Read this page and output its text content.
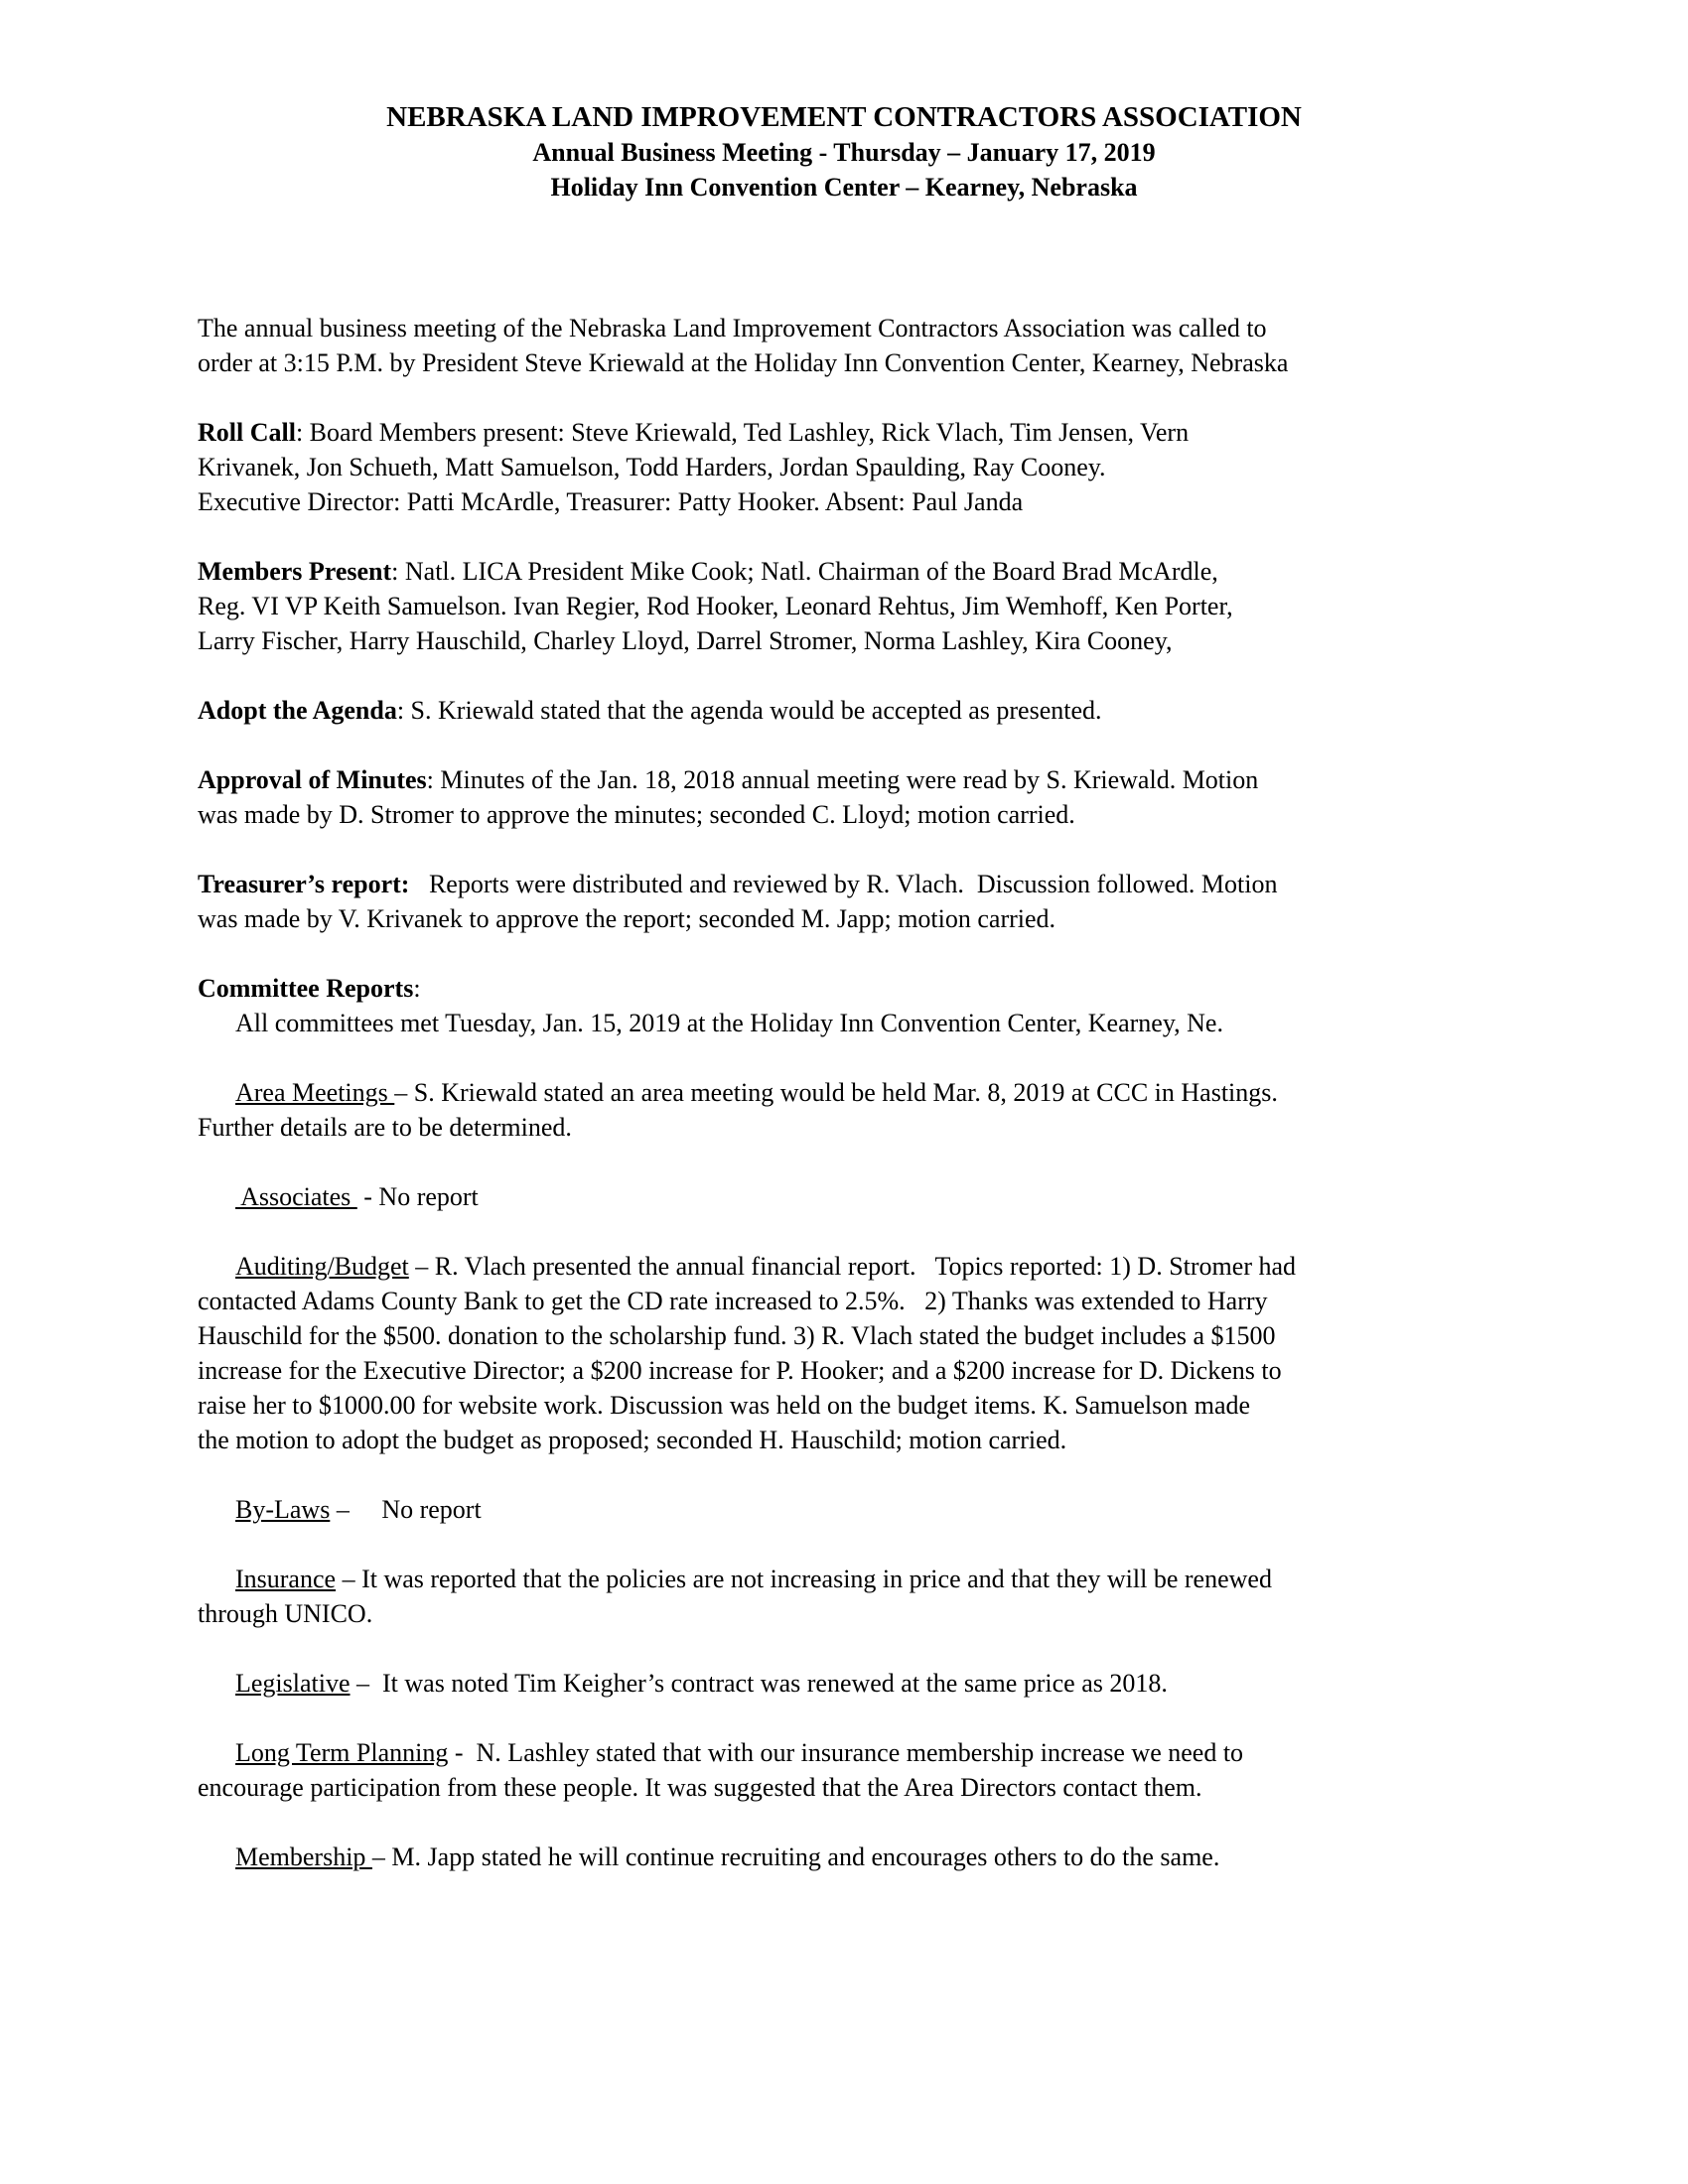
NEBRASKA LAND IMPROVEMENT CONTRACTORS ASSOCIATION
Annual Business Meeting - Thursday – January 17, 2019
Holiday Inn Convention Center – Kearney, Nebraska
The annual business meeting of the Nebraska Land Improvement Contractors Association was called to
order at 3:15 P.M. by President Steve Kriewald at the Holiday Inn Convention Center, Kearney, Nebraska
Roll Call: Board Members present: Steve Kriewald, Ted Lashley, Rick Vlach, Tim Jensen, Vern
Krivanek, Jon Schueth, Matt Samuelson, Todd Harders, Jordan Spaulding, Ray Cooney.
Executive Director: Patti McArdle, Treasurer: Patty Hooker. Absent: Paul Janda
Members Present: Natl. LICA President Mike Cook; Natl. Chairman of the Board Brad McArdle,
Reg. VI VP Keith Samuelson. Ivan Regier, Rod Hooker, Leonard Rehtus, Jim Wemhoff, Ken Porter,
Larry Fischer, Harry Hauschild, Charley Lloyd, Darrel Stromer, Norma Lashley, Kira Cooney,
Adopt the Agenda: S. Kriewald stated that the agenda would be accepted as presented.
Approval of Minutes: Minutes of the Jan. 18, 2018 annual meeting were read by S. Kriewald. Motion
was made by D. Stromer to approve the minutes; seconded C. Lloyd; motion carried.
Treasurer’s report:   Reports were distributed and reviewed by R. Vlach.  Discussion followed. Motion
was made by V. Krivanek to approve the report; seconded M. Japp; motion carried.
Committee Reports:
All committees met Tuesday, Jan. 15, 2019 at the Holiday Inn Convention Center, Kearney, Ne.
Area Meetings – S. Kriewald stated an area meeting would be held Mar. 8, 2019 at CCC in Hastings.
Further details are to be determined.
Associates  - No report
Auditing/Budget – R. Vlach presented the annual financial report.   Topics reported: 1) D. Stromer had
contacted Adams County Bank to get the CD rate increased to 2.5%.   2) Thanks was extended to Harry
Hauschild for the $500. donation to the scholarship fund. 3) R. Vlach stated the budget includes a $1500
increase for the Executive Director; a $200 increase for P. Hooker; and a $200 increase for D. Dickens to
raise her to $1000.00 for website work. Discussion was held on the budget items. K. Samuelson made
the motion to adopt the budget as proposed; seconded H. Hauschild; motion carried.
By-Laws –     No report
Insurance – It was reported that the policies are not increasing in price and that they will be renewed
through UNICO.
Legislative –  It was noted Tim Keigher’s contract was renewed at the same price as 2018.
Long Term Planning -  N. Lashley stated that with our insurance membership increase we need to
encourage participation from these people. It was suggested that the Area Directors contact them.
Membership – M. Japp stated he will continue recruiting and encourages others to do the same.
